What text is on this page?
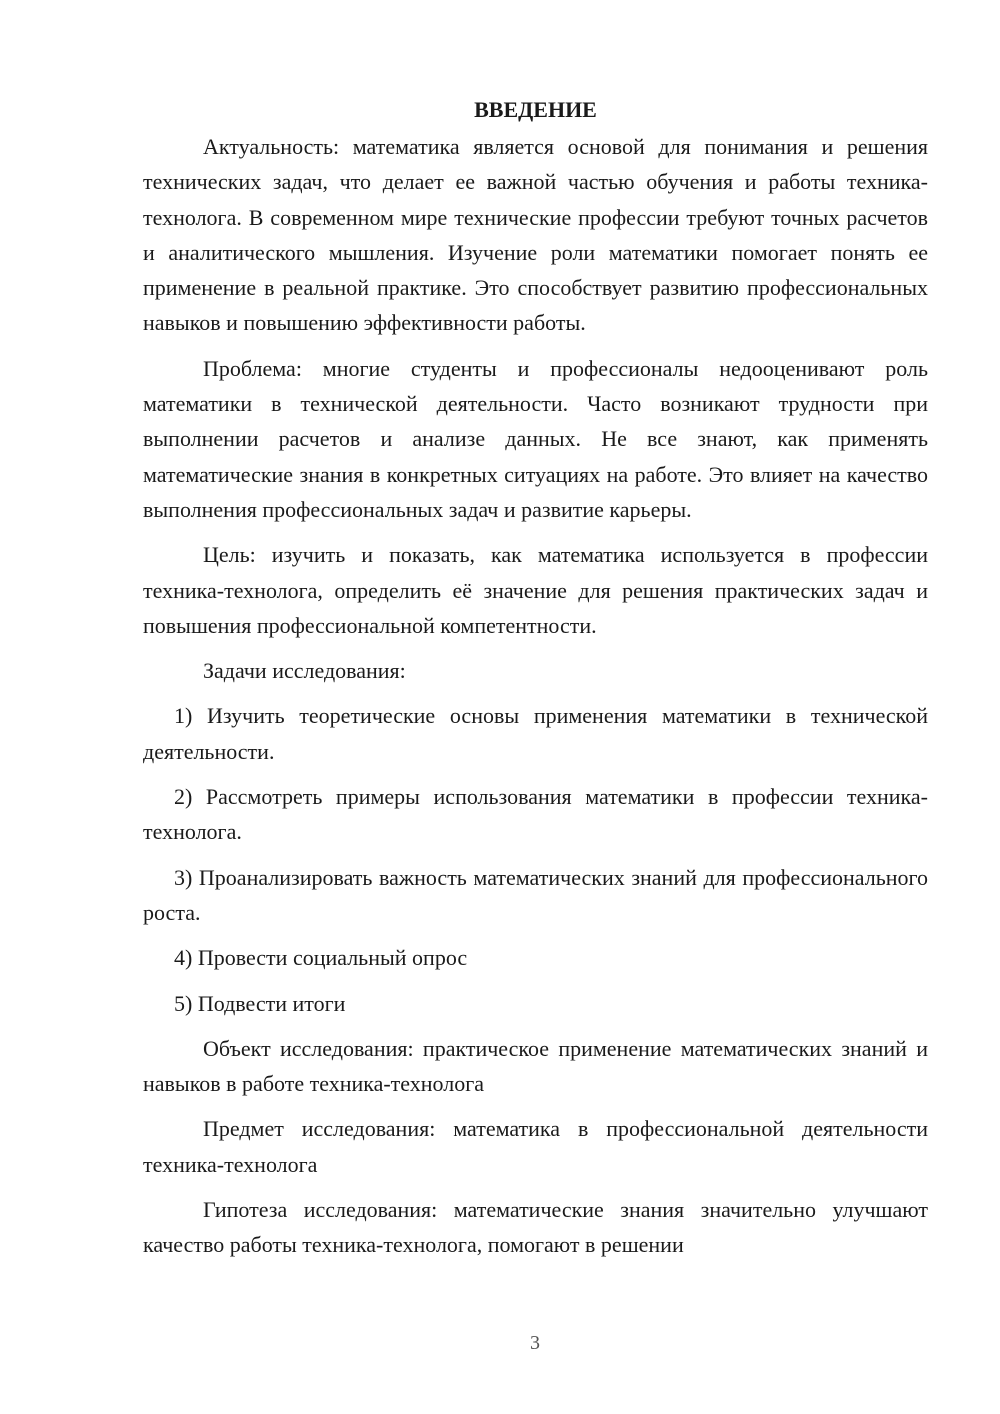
ВВЕДЕНИЕ

Актуальность: математика является основой для понимания и решения технических задач, что делает ее важной частью обучения и работы техника-технолога. В современном мире технические профессии требуют точных расчетов и аналитического мышления. Изучение роли математики помогает понять ее применение в реальной практике. Это способствует развитию профессиональных навыков и повышению эффективности работы.

Проблема: многие студенты и профессионалы недооценивают роль математики в технической деятельности. Часто возникают трудности при выполнении расчетов и анализе данных. Не все знают, как применять математические знания в конкретных ситуациях на работе. Это влияет на качество выполнения профессиональных задач и развитие карьеры.

Цель: изучить и показать, как математика используется в профессии техника-технолога, определить её значение для решения практических задач и повышения профессиональной компетентности.

Задачи исследования:

1) Изучить теоретические основы применения математики в технической деятельности.

2) Рассмотреть примеры использования математики в профессии техника-технолога.

3) Проанализировать важность математических знаний для профессионального роста.

4) Провести социальный опрос

5) Подвести итоги

Объект исследования: практическое применение математических знаний и навыков в работе техника-технолога

Предмет исследования: математика в профессиональной деятельности техника-технолога

Гипотеза исследования: математические знания значительно улучшают качество работы техника-технолога, помогают в решении

3
